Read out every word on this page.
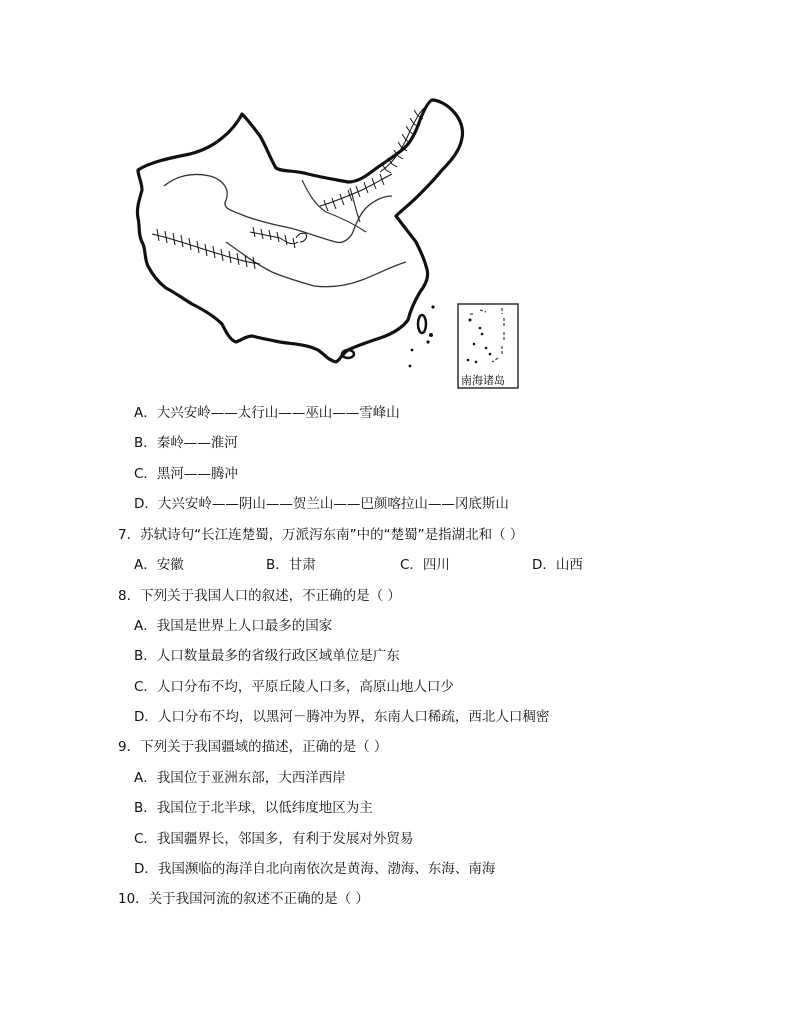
南海诸岛
A．大兴安岭——太行山——巫山——雪峰山
B．秦岭——淮河
C．黑河——腾冲
D．大兴安岭——阴山——贺兰山——巴颜喀拉山——冈底斯山
7．苏轼诗句“长江连楚蜀，万派泻东南”中的“楚蜀”是指湖北和（ ）
A．安徽	B．甘肃	C．四川	D．山西
8．下列关于我国人口的叙述，不正确的是（ ）
A．我国是世界上人口最多的国家
B．人口数量最多的省级行政区域单位是广东
C．人口分布不均，平原丘陵人口多，高原山地人口少
D．人口分布不均，以黑河－腾冲为界，东南人口稀疏，西北人口稠密
9．下列关于我国疆域的描述，正确的是（ ）
A．我国位于亚洲东部，大西洋西岸
B．我国位于北半球，以低纬度地区为主
C．我国疆界长，邻国多，有利于发展对外贸易
D．我国濒临的海洋自北向南依次是黄海、渤海、东海、南海
10．关于我国河流的叙述不正确的是（ ）
